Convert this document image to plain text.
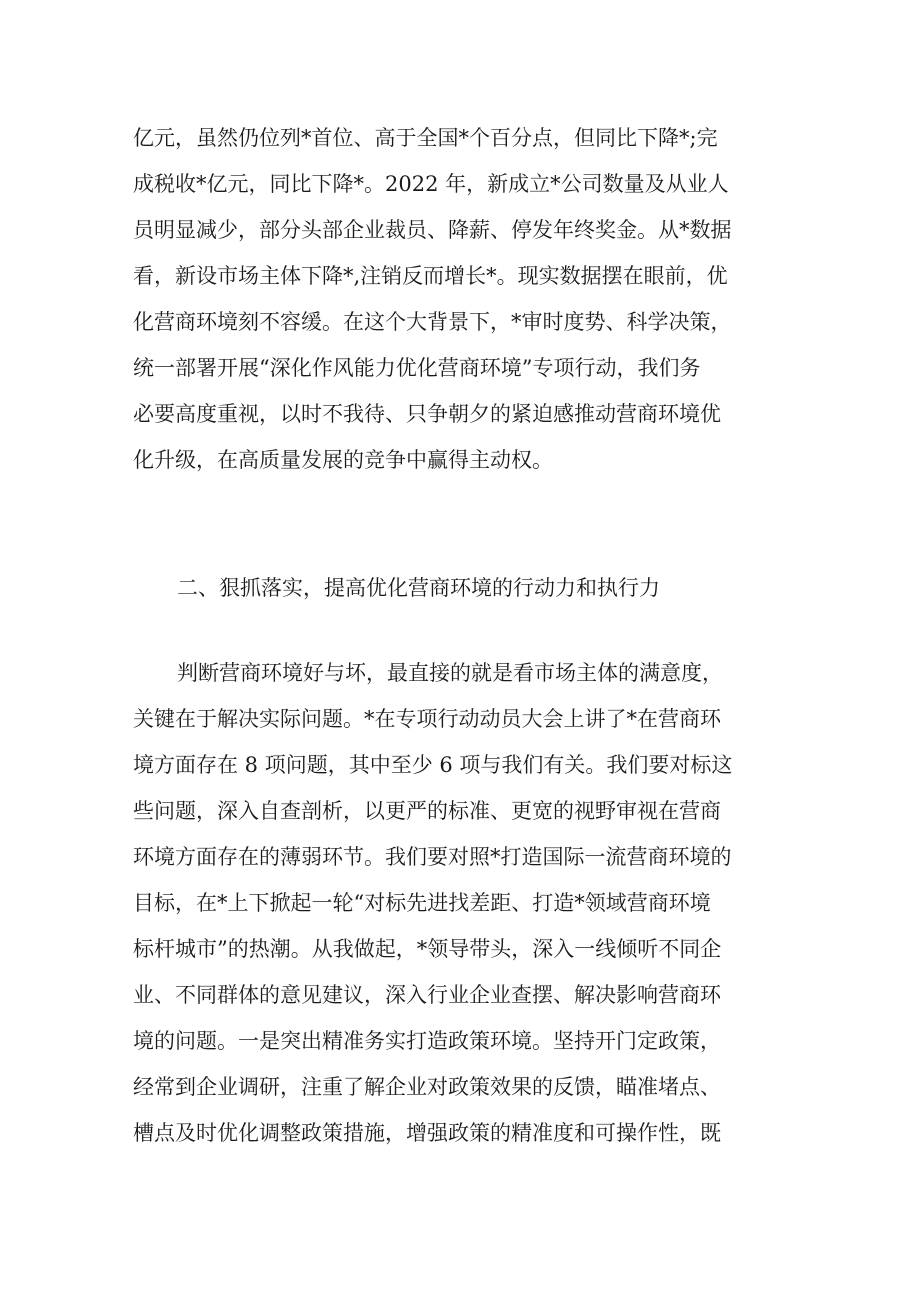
亿元，虽然仍位列*首位、高于全国*个百分点，但同比下降*;完
成税收*亿元，同比下降*。2022 年，新成立*公司数量及从业人
员明显减少，部分头部企业裁员、降薪、停发年终奖金。从*数据
看，新设市场主体下降*,注销反而增长*。现实数据摆在眼前，优
化营商环境刻不容缓。在这个大背景下，*审时度势、科学决策，
统一部署开展“深化作风能力优化营商环境”专项行动，我们务
必要高度重视，以时不我待、只争朝夕的紧迫感推动营商环境优
化升级，在高质量发展的竞争中赢得主动权。
二、狠抓落实，提高优化营商环境的行动力和执行力
判断营商环境好与坏，最直接的就是看市场主体的满意度，
关键在于解决实际问题。*在专项行动动员大会上讲了*在营商环
境方面存在 8 项问题，其中至少 6 项与我们有关。我们要对标这
些问题，深入自查剖析，以更严的标准、更宽的视野审视在营商
环境方面存在的薄弱环节。我们要对照*打造国际一流营商环境的
目标，在*上下掀起一轮“对标先进找差距、打造*领域营商环境
标杆城市”的热潮。从我做起，*领导带头，深入一线倾听不同企
业、不同群体的意见建议，深入行业企业查摆、解决影响营商环
境的问题。一是突出精准务实打造政策环境。坚持开门定政策，
经常到企业调研，注重了解企业对政策效果的反馈，瞄准堵点、
槽点及时优化调整政策措施，增强政策的精准度和可操作性，既
